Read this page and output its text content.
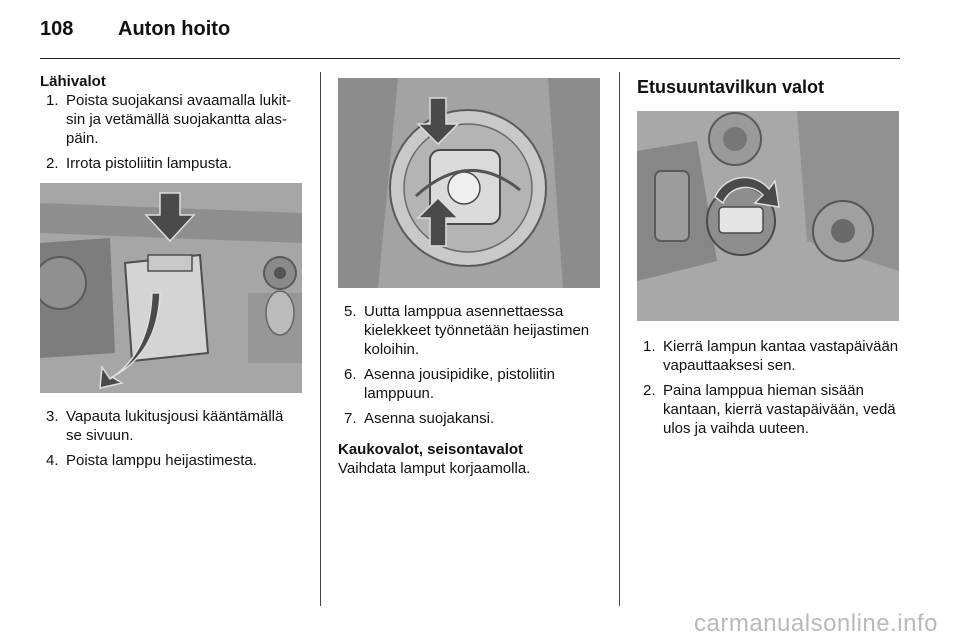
108 Auton hoito
Lähivalot
1. Poista suojakansi avaamalla lukitsin ja vetämällä suojakantta alaspäin.
2. Irrota pistoliitin lampusta.
3. Vapauta lukitusjousi kääntämällä se sivuun.
4. Poista lamppu heijastimesta.
5. Uutta lamppua asennettaessa kielekkeet työnnetään heijastimen koloihin.
6. Asenna jousipidike, pistoliitin lamppuun.
7. Asenna suojakansi.
Kaukovalot, seisontavalot
Vaihdata lamput korjaamolla.
Etusuuntavilkun valot
1. Kierrä lampun kantaa vastapäivään vapauttaaksesi sen.
2. Paina lamppua hieman sisään kantaan, kierrä vastapäivään, vedä ulos ja vaihda uuteen.
carmanualsonline.info
